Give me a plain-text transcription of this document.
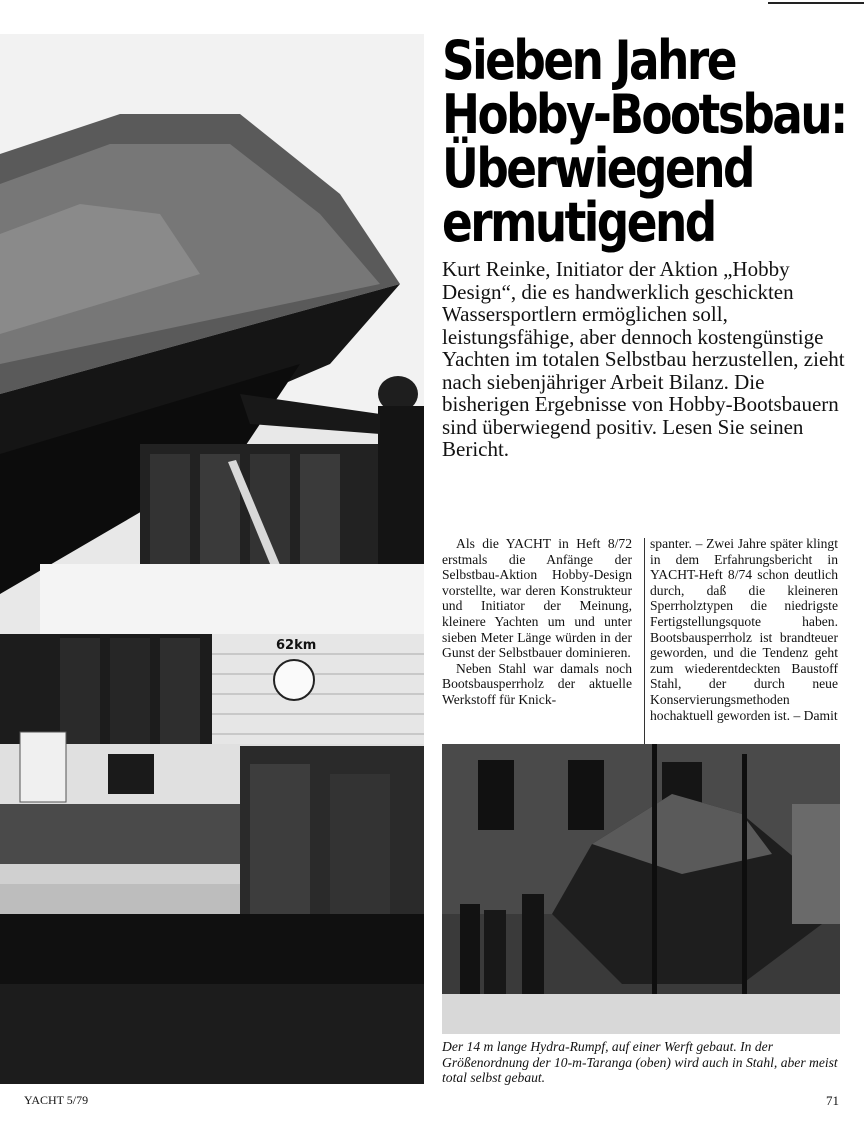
62km
Sieben Jahre
Hobby-Bootsbau:
Überwiegend
ermutigend

Kurt Reinke, Initiator der Aktion „Hobby Design“, die es handwerklich geschickten Wassersportlern ermöglichen soll, leistungsfähige, aber dennoch kostengünstige Yachten im totalen Selbstbau herzustellen, zieht nach siebenjähriger Arbeit Bilanz. Die bisherigen Ergebnisse von Hobby-Bootsbauern sind überwiegend positiv. Lesen Sie seinen Bericht.

Als die YACHT in Heft 8/72 erstmals die Anfänge der Selbstbau-Aktion Hobby-Design vorstellte, war deren Konstrukteur und Initiator der Meinung, kleinere Yachten um und unter sieben Meter Länge würden in der Gunst der Selbstbauer dominieren.

Neben Stahl war damals noch Bootsbausperrholz der aktuelle Werkstoff für Knick-

spanter. – Zwei Jahre später klingt in dem Erfahrungsbericht in YACHT-Heft 8/74 schon deutlich durch, daß die kleineren Sperrholztypen die niedrigste Fertigstellungsquote haben. Bootsbausperrholz ist brandteuer geworden, und die Tendenz geht zum wiederentdeckten Baustoff Stahl, der durch neue Konservierungsmethoden hochaktuell geworden ist. – Damit

Der 14 m lange Hydra-Rumpf, auf einer Werft gebaut. In der Größenordnung der 10-m-Taranga (oben) wird auch in Stahl, aber meist total selbst gebaut.

YACHT 5/79	71
